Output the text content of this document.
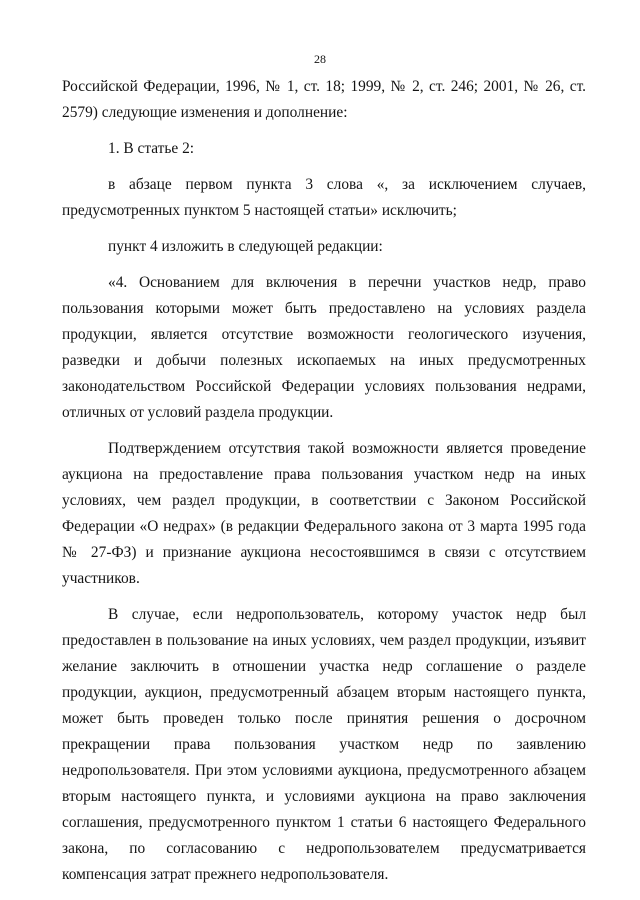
28

Российской Федерации, 1996, № 1, ст. 18; 1999, № 2, ст. 246; 2001, № 26, ст. 2579) следующие изменения и дополнение:

1. В статье 2:

в абзаце первом пункта 3 слова «, за исключением случаев, предусмотренных пунктом 5 настоящей статьи» исключить;

пункт 4 изложить в следующей редакции:

«4. Основанием для включения в перечни участков недр, право пользования которыми может быть предоставлено на условиях раздела продукции, является отсутствие возможности геологического изучения, разведки и добычи полезных ископаемых на иных предусмотренных законодательством Российской Федерации условиях пользования недрами, отличных от условий раздела продукции.

Подтверждением отсутствия такой возможности является проведение аукциона на предоставление права пользования участком недр на иных условиях, чем раздел продукции, в соответствии с Законом Российской Федерации «О недрах» (в редакции Федерального закона от 3 марта 1995 года № 27-ФЗ) и признание аукциона несостоявшимся в связи с отсутствием участников.

В случае, если недропользователь, которому участок недр был предоставлен в пользование на иных условиях, чем раздел продукции, изъявит желание заключить в отношении участка недр соглашение о разделе продукции, аукцион, предусмотренный абзацем вторым настоящего пункта, может быть проведен только после принятия решения о досрочном прекращении права пользования участком недр по заявлению недропользователя. При этом условиями аукциона, предусмотренного абзацем вторым настоящего пункта, и условиями аукциона на право заключения соглашения, предусмотренного пунктом 1 статьи 6 настоящего Федерального закона, по согласованию с недропользователем предусматривается компенсация затрат прежнего недропользователя.
